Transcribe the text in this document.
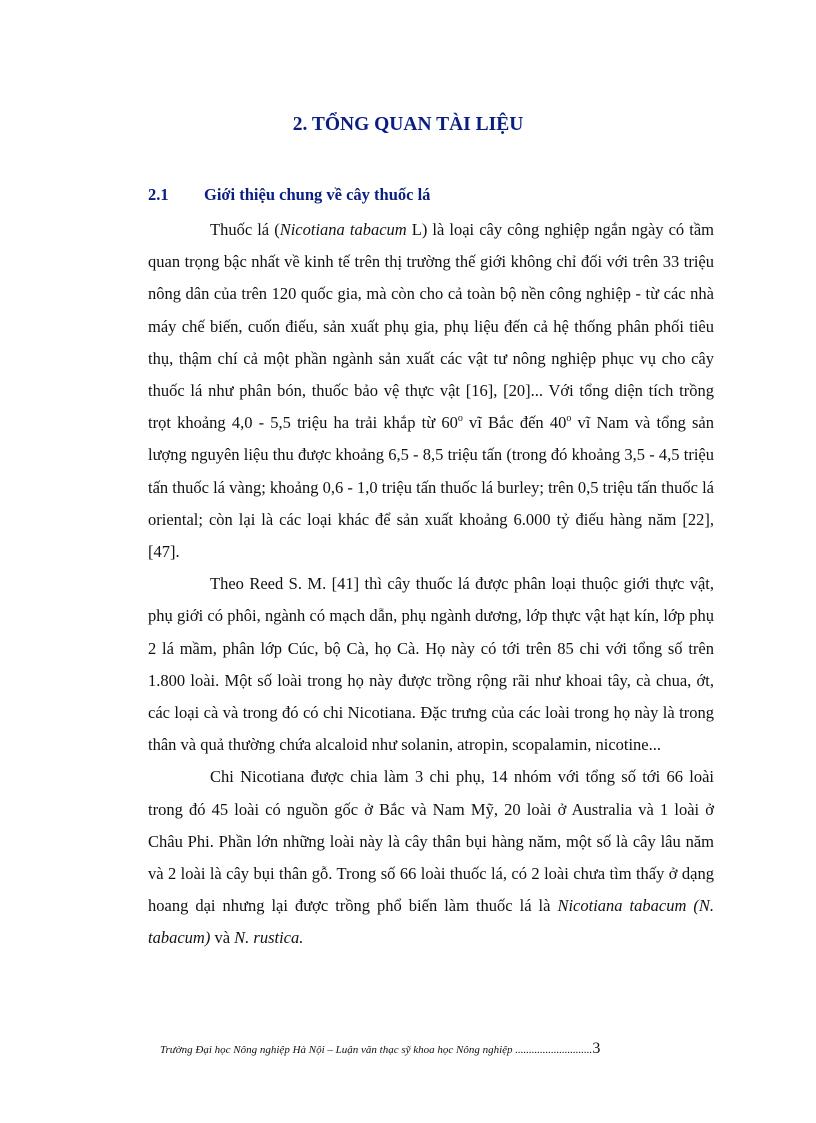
2. TỔNG QUAN TÀI LIỆU
2.1 Giới thiệu chung về cây thuốc lá

Thuốc lá (Nicotiana tabacum L) là loại cây công nghiệp ngắn ngày có tầm quan trọng bậc nhất về kinh tế trên thị trường thế giới không chỉ đối với trên 33 triệu nông dân của trên 120 quốc gia, mà còn cho cả toàn bộ nền công nghiệp - từ các nhà máy chế biến, cuốn điếu, sản xuất phụ gia, phụ liệu đến cả hệ thống phân phối tiêu thụ, thậm chí cả một phần ngành sản xuất các vật tư nông nghiệp phục vụ cho cây thuốc lá như phân bón, thuốc bảo vệ thực vật [16], [20]... Với tổng diện tích trồng trọt khoảng 4,0 - 5,5 triệu ha trải khắp từ 60$^o$ vĩ Bắc đến 40$^o$ vĩ Nam và tổng sản lượng nguyên liệu thu được khoảng 6,5 - 8,5 triệu tấn (trong đó khoảng 3,5 - 4,5 triệu tấn thuốc lá vàng; khoảng 0,6 - 1,0 triệu tấn thuốc lá burley; trên 0,5 triệu tấn thuốc lá oriental; còn lại là các loại khác để sản xuất khoảng 6.000 tỷ điếu hàng năm [22], [47].

Theo Reed S. M. [41] thì cây thuốc lá được phân loại thuộc giới thực vật, phụ giới có phôi, ngành có mạch dẫn, phụ ngành dương, lớp thực vật hạt kín, lớp phụ 2 lá mầm, phân lớp Cúc, bộ Cà, họ Cà. Họ này có tới trên 85 chi với tổng số trên 1.800 loài. Một số loài trong họ này được trồng rộng rãi như khoai tây, cà chua, ớt, các loại cà và trong đó có chi Nicotiana. Đặc trưng của các loài trong họ này là trong thân và quả thường chứa alcaloid như solanin, atropin, scopalamin, nicotine...

Chi Nicotiana được chia làm 3 chi phụ, 14 nhóm với tổng số tới 66 loài trong đó 45 loài có nguồn gốc ở Bắc và Nam Mỹ, 20 loài ở Australia và 1 loài ở Châu Phi. Phần lớn những loài này là cây thân bụi hàng năm, một số là cây lâu năm và 2 loài là cây bụi thân gỗ. Trong số 66 loài thuốc lá, có 2 loài chưa tìm thấy ở dạng hoang dại nhưng lại được trồng phổ biến làm thuốc lá là Nicotiana tabacum (N. tabacum) và N. rustica.

Trường Đại học Nông nghiệp Hà Nội – Luận văn thạc sỹ khoa học Nông nghiệp ............................3
